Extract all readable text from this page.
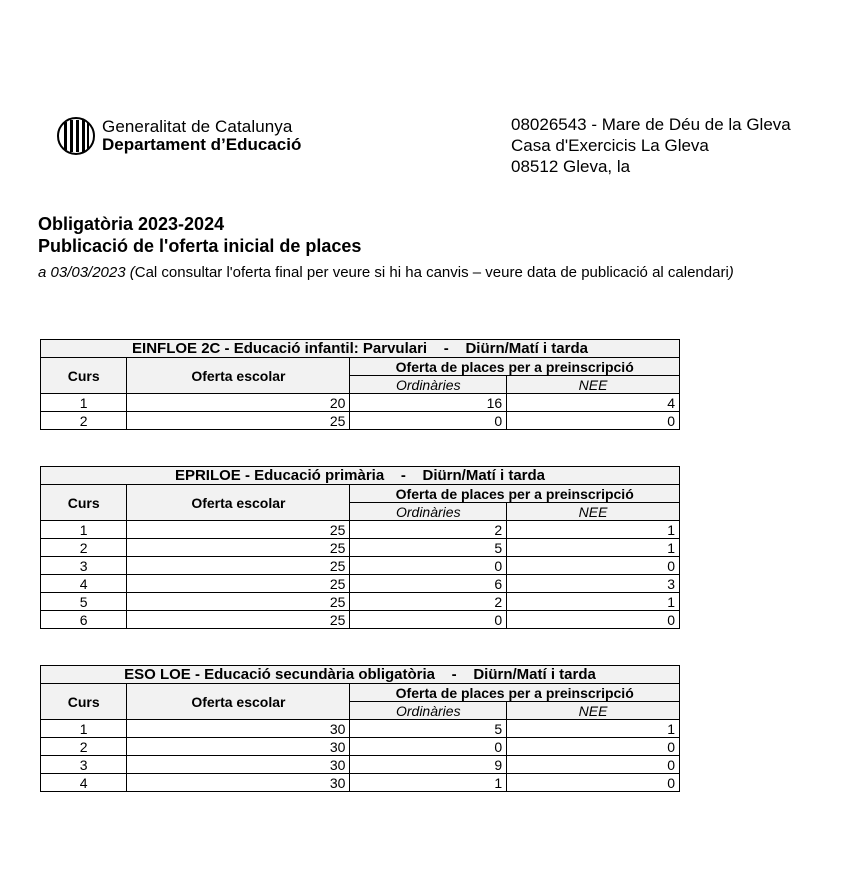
Generalitat de Catalunya
Departament d’Educació
08026543 - Mare de Déu de la Gleva
Casa d'Exercicis La Gleva
08512 Gleva, la
Obligatòria 2023-2024
Publicació de l'oferta inicial de places
a 03/03/2023 (Cal consultar l'oferta final per veure si hi ha canvis – veure data de publicació al calendari)
EINFLOE 2C - Educació infantil: Parvulari    -    Diürn/Matí i tarda			
Curs	Oferta escolar	Oferta de places per a preinscripció	
		Ordinàries	NEE
1	20	16	4
2	25	0	0
EPRILOE - Educació primària    -    Diürn/Matí i tarda			
Curs	Oferta escolar	Oferta de places per a preinscripció	
		Ordinàries	NEE
1	25	2	1
2	25	5	1
3	25	0	0
4	25	6	3
5	25	2	1
6	25	0	0
ESO LOE - Educació secundària obligatòria    -    Diürn/Matí i tarda			
Curs	Oferta escolar	Oferta de places per a preinscripció	
		Ordinàries	NEE
1	30	5	1
2	30	0	0
3	30	9	0
4	30	1	0
